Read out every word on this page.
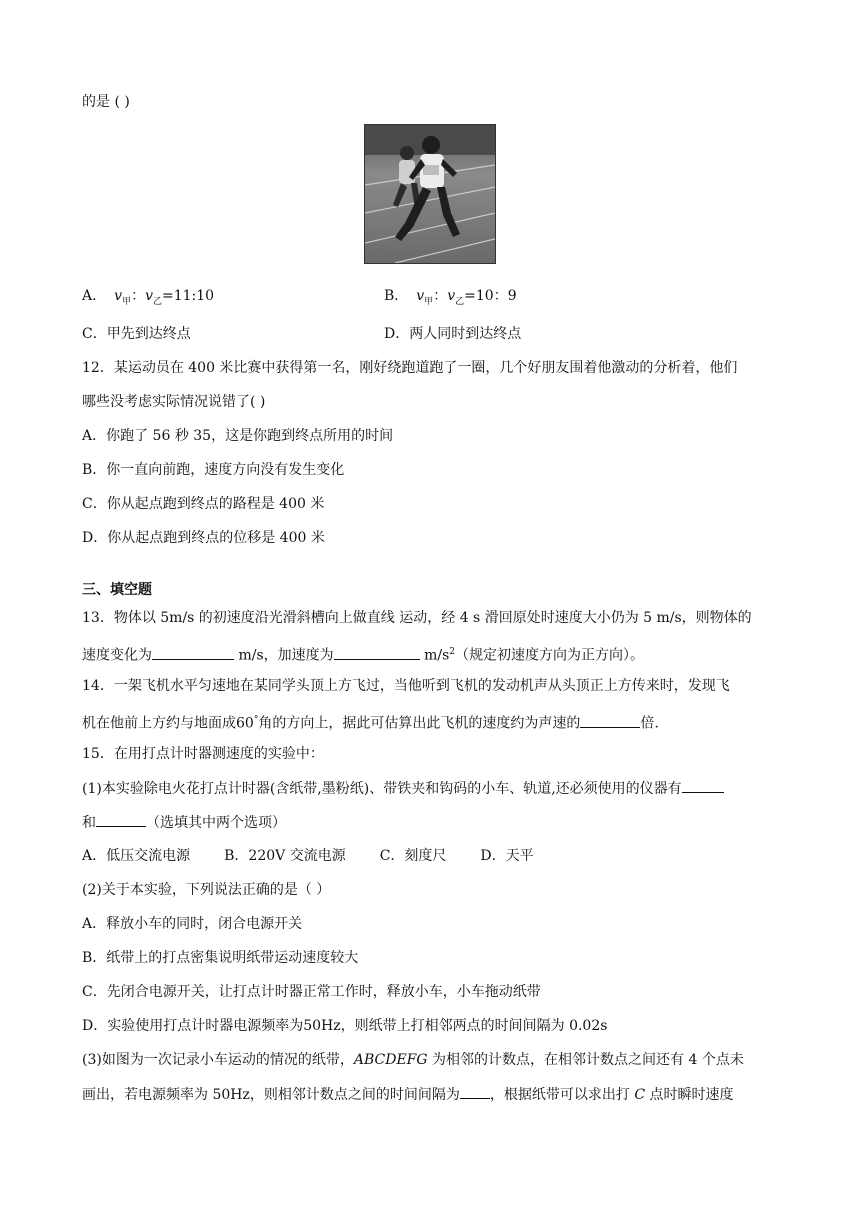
的是 ( )
A． $v_甲$：$v_乙=11:10$	B． $v_甲$：$v_乙=10$：9
C．甲先到达终点	D．两人同时到达终点
12．某运动员在 400 米比赛中获得第一名，刚好绕跑道跑了一圈，几个好朋友围着他激动的分析着，他们
哪些没考虑实际情况说错了( )
A．你跑了 56 秒 35，这是你跑到终点所用的时间
B．你一直向前跑，速度方向没有发生变化
C．你从起点跑到终点的路程是 400 米
D．你从起点跑到终点的位移是 400 米
三、填空题
13．物体以 5m/s 的初速度沿光滑斜槽向上做直线 运动，经 4 s 滑回原处时速度大小仍为 5 m/s，则物体的
速度变化为	m/s，加速度为	$m/s^2$（规定初速度方向为正方向）。
14．一架飞机水平匀速地在某同学头顶上方飞过，当他听到飞机的发动机声从头顶正上方传来时，发现飞
机在他前上方约与地面成60°角的方向上，据此可估算出此飞机的速度约为声速的	倍.
15．在用打点计时器测速度的实验中：
(1)本实验除电火花打点计时器(含纸带,墨粉纸)、带铁夹和钩码的小车、轨道,还必须使用的仪器有
和	（选填其中两个选项）
A．低压交流电源 B．220V 交流电源 C．刻度尺 D．天平
(2)关于本实验，下列说法正确的是（ ）
A．释放小车的同时，闭合电源开关
B．纸带上的打点密集说明纸带运动速度较大
C．先闭合电源开关，让打点计时器正常工作时，释放小车，小车拖动纸带
D．实验使用打点计时器电源频率为50Hz，则纸带上打相邻两点的时间间隔为 0.02s
(3)如图为一次记录小车运动的情况的纸带，ABCDEFG 为相邻的计数点，在相邻计数点之间还有 4 个点未
画出，若电源频率为 50Hz，则相邻计数点之间的时间间隔为 ，根据纸带可以求出打 C 点时瞬时速度
